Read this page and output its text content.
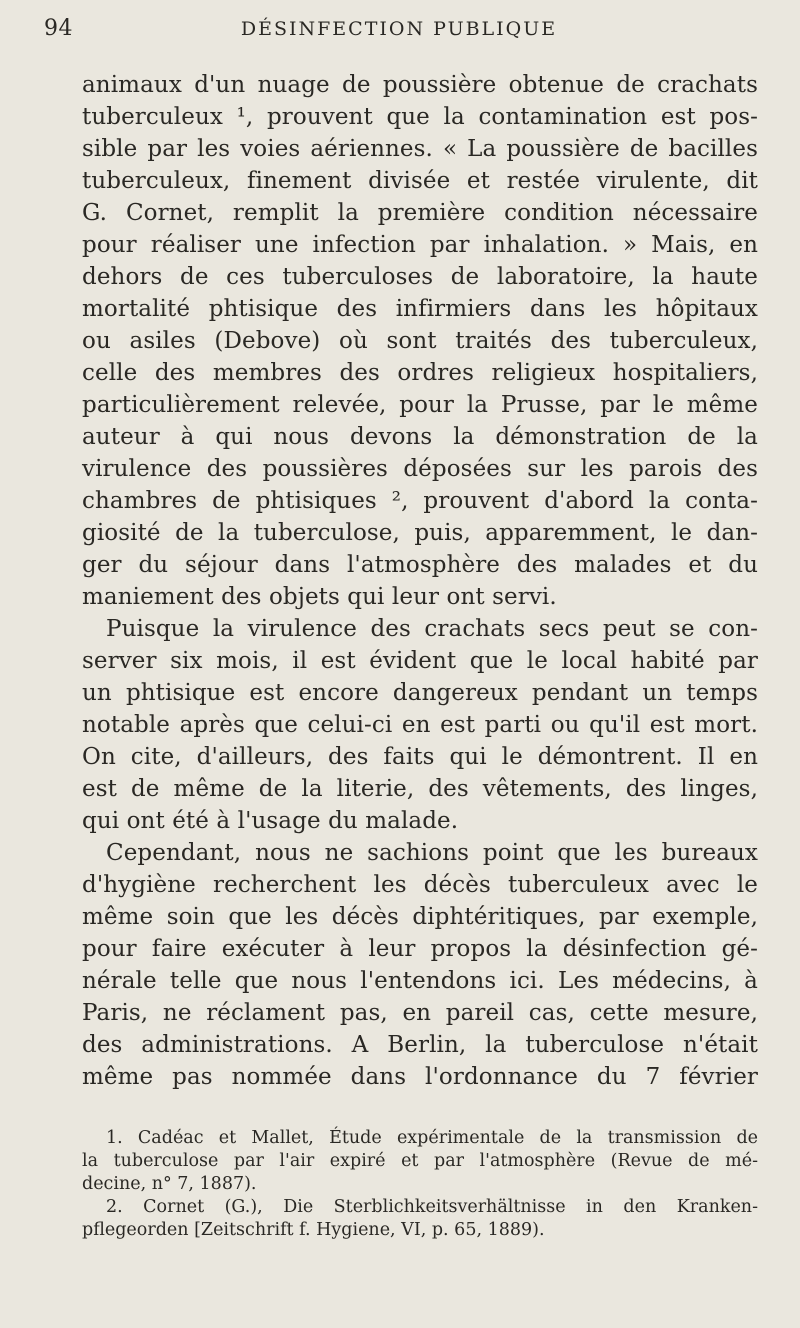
94	DÉSINFECTION PUBLIQUE
animaux d'un nuage de poussière obtenue de crachats
tuberculeux ¹, prouvent que la contamination est pos-
sible par les voies aériennes. « La poussière de bacilles
tuberculeux, finement divisée et restée virulente, dit
G. Cornet, remplit la première condition nécessaire
pour réaliser une infection par inhalation. » Mais, en
dehors de ces tuberculoses de laboratoire, la haute
mortalité phtisique des infirmiers dans les hôpitaux
ou asiles (Debove) où sont traités des tuberculeux,
celle des membres des ordres religieux hospitaliers,
particulièrement relevée, pour la Prusse, par le même
auteur à qui nous devons la démonstration de la
virulence des poussières déposées sur les parois des
chambres de phtisiques ², prouvent d'abord la conta-
giosité de la tuberculose, puis, apparemment, le dan-
ger du séjour dans l'atmosphère des malades et du
maniement des objets qui leur ont servi.
Puisque la virulence des crachats secs peut se con-
server six mois, il est évident que le local habité par
un phtisique est encore dangereux pendant un temps
notable après que celui-ci en est parti ou qu'il est mort.
On cite, d'ailleurs, des faits qui le démontrent. Il en
est de même de la literie, des vêtements, des linges,
qui ont été à l'usage du malade.
Cependant, nous ne sachions point que les bureaux
d'hygiène recherchent les décès tuberculeux avec le
même soin que les décès diphtéritiques, par exemple,
pour faire exécuter à leur propos la désinfection gé-
nérale telle que nous l'entendons ici. Les médecins, à
Paris, ne réclament pas, en pareil cas, cette mesure,
des administrations. A Berlin, la tuberculose n'était
même pas nommée dans l'ordonnance du 7 février
1. Cadéac et Mallet, Étude expérimentale de la transmission de
la tuberculose par l'air expiré et par l'atmosphère (Revue de mé-
decine, n° 7, 1887).
2. Cornet (G.), Die Sterblichkeitsverhältnisse in den Kranken-
pflegeorden [Zeitschrift f. Hygiene, VI, p. 65, 1889).
